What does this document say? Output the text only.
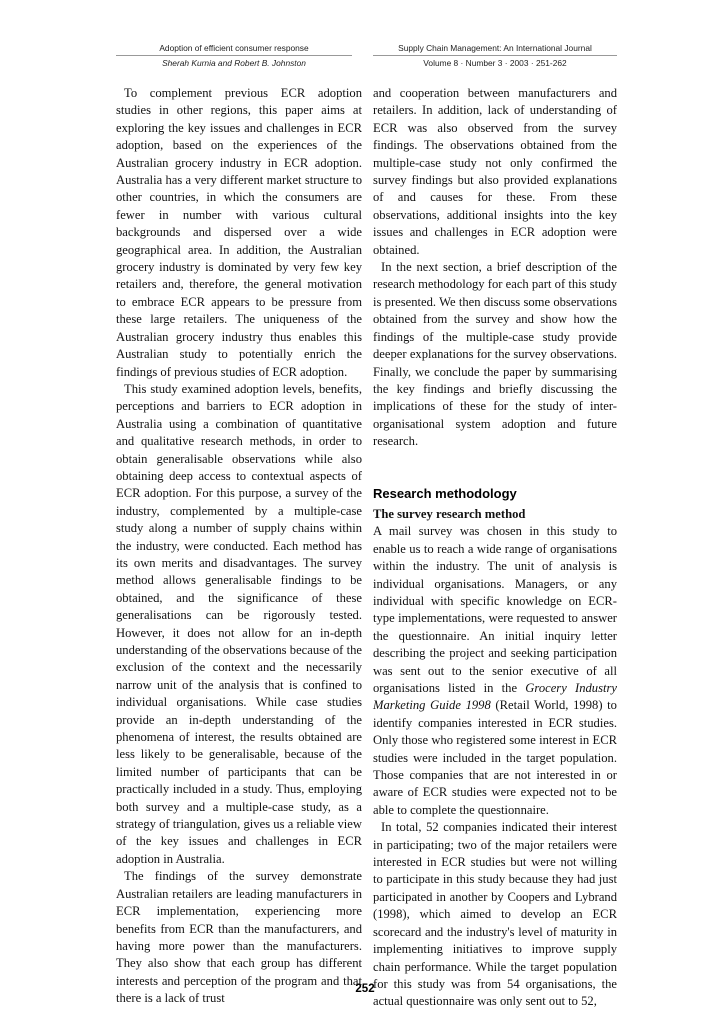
Adoption of efficient consumer response
Sherah Kurnia and Robert B. Johnston
Supply Chain Management: An International Journal
Volume 8 · Number 3 · 2003 · 251-262

To complement previous ECR adoption studies in other regions, this paper aims at exploring the key issues and challenges in ECR adoption, based on the experiences of the Australian grocery industry in ECR adoption. Australia has a very different market structure to other countries, in which the consumers are fewer in number with various cultural backgrounds and dispersed over a wide geographical area. In addition, the Australian grocery industry is dominated by very few key retailers and, therefore, the general motivation to embrace ECR appears to be pressure from these large retailers. The uniqueness of the Australian grocery industry thus enables this Australian study to potentially enrich the findings of previous studies of ECR adoption.

This study examined adoption levels, benefits, perceptions and barriers to ECR adoption in Australia using a combination of quantitative and qualitative research methods, in order to obtain generalisable observations while also obtaining deep access to contextual aspects of ECR adoption. For this purpose, a survey of the industry, complemented by a multiple-case study along a number of supply chains within the industry, were conducted. Each method has its own merits and disadvantages. The survey method allows generalisable findings to be obtained, and the significance of these generalisations can be rigorously tested. However, it does not allow for an in-depth understanding of the observations because of the exclusion of the context and the necessarily narrow unit of the analysis that is confined to individual organisations. While case studies provide an in-depth understanding of the phenomena of interest, the results obtained are less likely to be generalisable, because of the limited number of participants that can be practically included in a study. Thus, employing both survey and a multiple-case study, as a strategy of triangulation, gives us a reliable view of the key issues and challenges in ECR adoption in Australia.

The findings of the survey demonstrate Australian retailers are leading manufacturers in ECR implementation, experiencing more benefits from ECR than the manufacturers, and having more power than the manufacturers. They also show that each group has different interests and perception of the program and that there is a lack of trust

and cooperation between manufacturers and retailers. In addition, lack of understanding of ECR was also observed from the survey findings. The observations obtained from the multiple-case study not only confirmed the survey findings but also provided explanations of and causes for these. From these observations, additional insights into the key issues and challenges in ECR adoption were obtained.

In the next section, a brief description of the research methodology for each part of this study is presented. We then discuss some observations obtained from the survey and show how the findings of the multiple-case study provide deeper explanations for the survey observations. Finally, we conclude the paper by summarising the key findings and briefly discussing the implications of these for the study of inter-organisational system adoption and future research.

Research methodology

The survey research method

A mail survey was chosen in this study to enable us to reach a wide range of organisations within the industry. The unit of analysis is individual organisations. Managers, or any individual with specific knowledge on ECR-type implementations, were requested to answer the questionnaire. An initial inquiry letter describing the project and seeking participation was sent out to the senior executive of all organisations listed in the Grocery Industry Marketing Guide 1998 (Retail World, 1998) to identify companies interested in ECR studies. Only those who registered some interest in ECR studies were included in the target population. Those companies that are not interested in or aware of ECR studies were expected not to be able to complete the questionnaire.

In total, 52 companies indicated their interest in participating; two of the major retailers were interested in ECR studies but were not willing to participate in this study because they had just participated in another by Coopers and Lybrand (1998), which aimed to develop an ECR scorecard and the industry's level of maturity in implementing initiatives to improve supply chain performance. While the target population for this study was from 54 organisations, the actual questionnaire was only sent out to 52,

252
